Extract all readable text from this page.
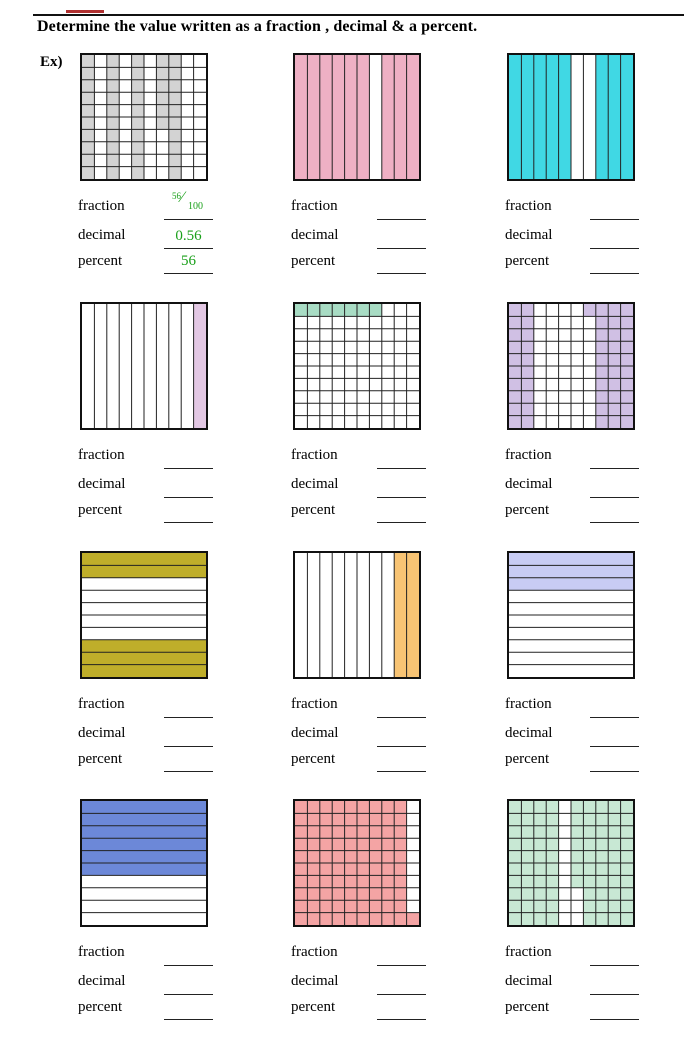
Determine the value written as a fraction , decimal & a percent.
Ex)
fraction
decimal
percent
56 ⁄
100
0.56
56
fraction
decimal
percent
fraction
decimal
percent
fraction
decimal
percent
fraction
decimal
percent
fraction
decimal
percent
fraction
decimal
percent
fraction
decimal
percent
fraction
decimal
percent
fraction
decimal
percent
fraction
decimal
percent
fraction
decimal
percent
